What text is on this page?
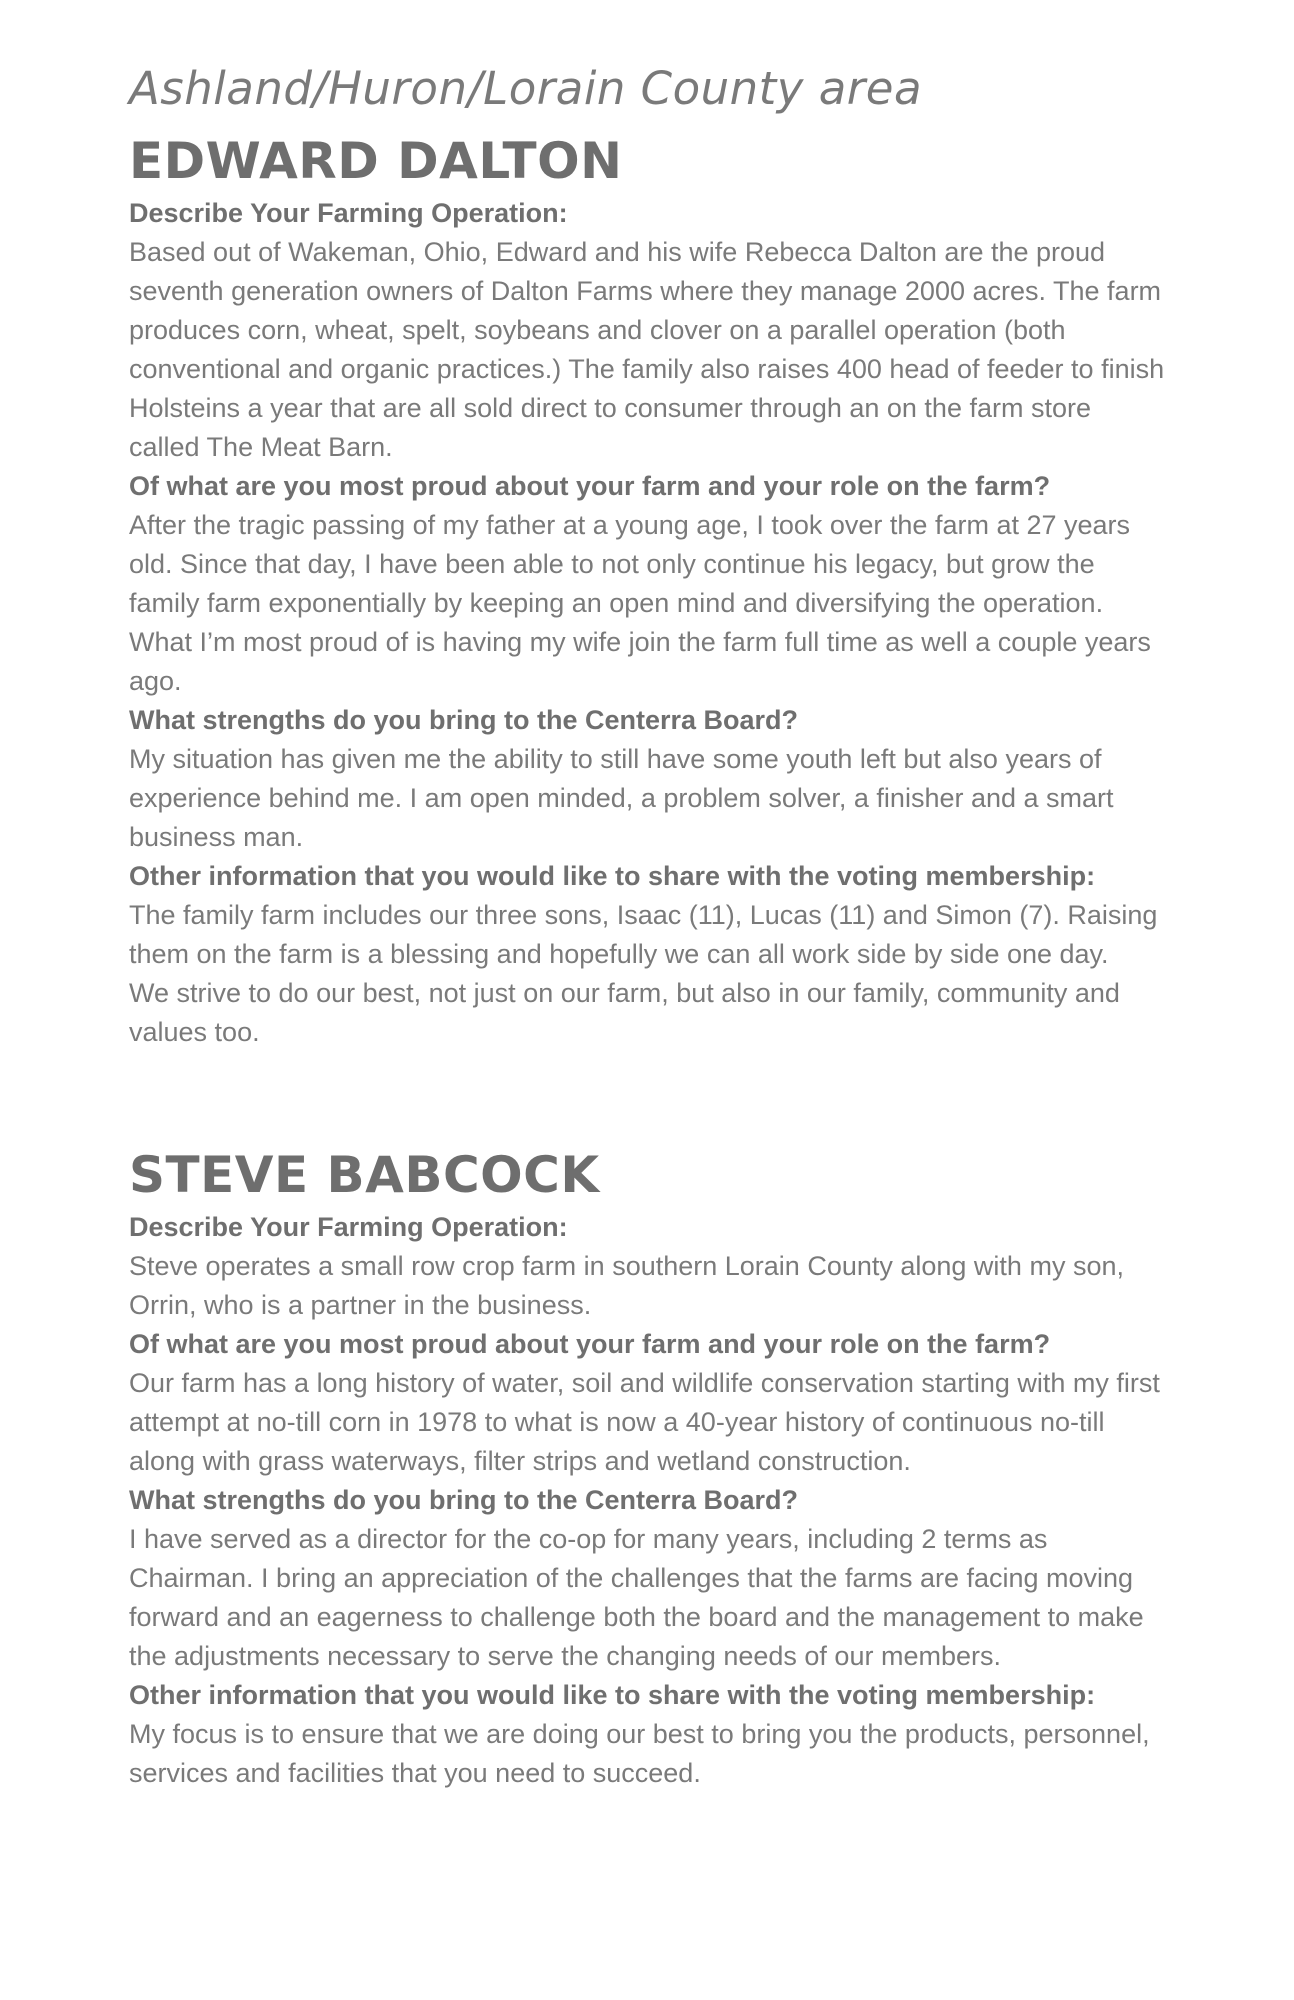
Ashland/Huron/Lorain County area
EDWARD DALTON

Describe Your Farming Operation:

Based out of Wakeman, Ohio, Edward and his wife Rebecca Dalton are the proud seventh generation owners of Dalton Farms where they manage 2000 acres. The farm produces corn, wheat, spelt, soybeans and clover on a parallel operation (both conventional and organic practices.) The family also raises 400 head of feeder to finish Holsteins a year that are all sold direct to consumer through an on the farm store called The Meat Barn.

Of what are you most proud about your farm and your role on the farm?

After the tragic passing of my father at a young age, I took over the farm at 27 years old. Since that day, I have been able to not only continue his legacy, but grow the family farm exponentially by keeping an open mind and diversifying the operation. What I’m most proud of is having my wife join the farm full time as well a couple years ago.

What strengths do you bring to the Centerra Board?

My situation has given me the ability to still have some youth left but also years of experience behind me. I am open minded, a problem solver, a finisher and a smart business man.

Other information that you would like to share with the voting membership:

The family farm includes our three sons, Isaac (11), Lucas (11) and Simon (7). Raising them on the farm is a blessing and hopefully we can all work side by side one day.

We strive to do our best, not just on our farm, but also in our family, community and values too.

STEVE BABCOCK

Describe Your Farming Operation:

Steve operates a small row crop farm in southern Lorain County along with my son, Orrin, who is a partner in the business.

Of what are you most proud about your farm and your role on the farm?

Our farm has a long history of water, soil and wildlife conservation starting with my first attempt at no-till corn in 1978 to what is now a 40-year history of continuous no-till along with grass waterways, filter strips and wetland construction.

What strengths do you bring to the Centerra Board?

I have served as a director for the co-op for many years, including 2 terms as Chairman. I bring an appreciation of the challenges that the farms are facing moving forward and an eagerness to challenge both the board and the management to make the adjustments necessary to serve the changing needs of our members.

Other information that you would like to share with the voting membership:

My focus is to ensure that we are doing our best to bring you the products, personnel, services and facilities that you need to succeed.
